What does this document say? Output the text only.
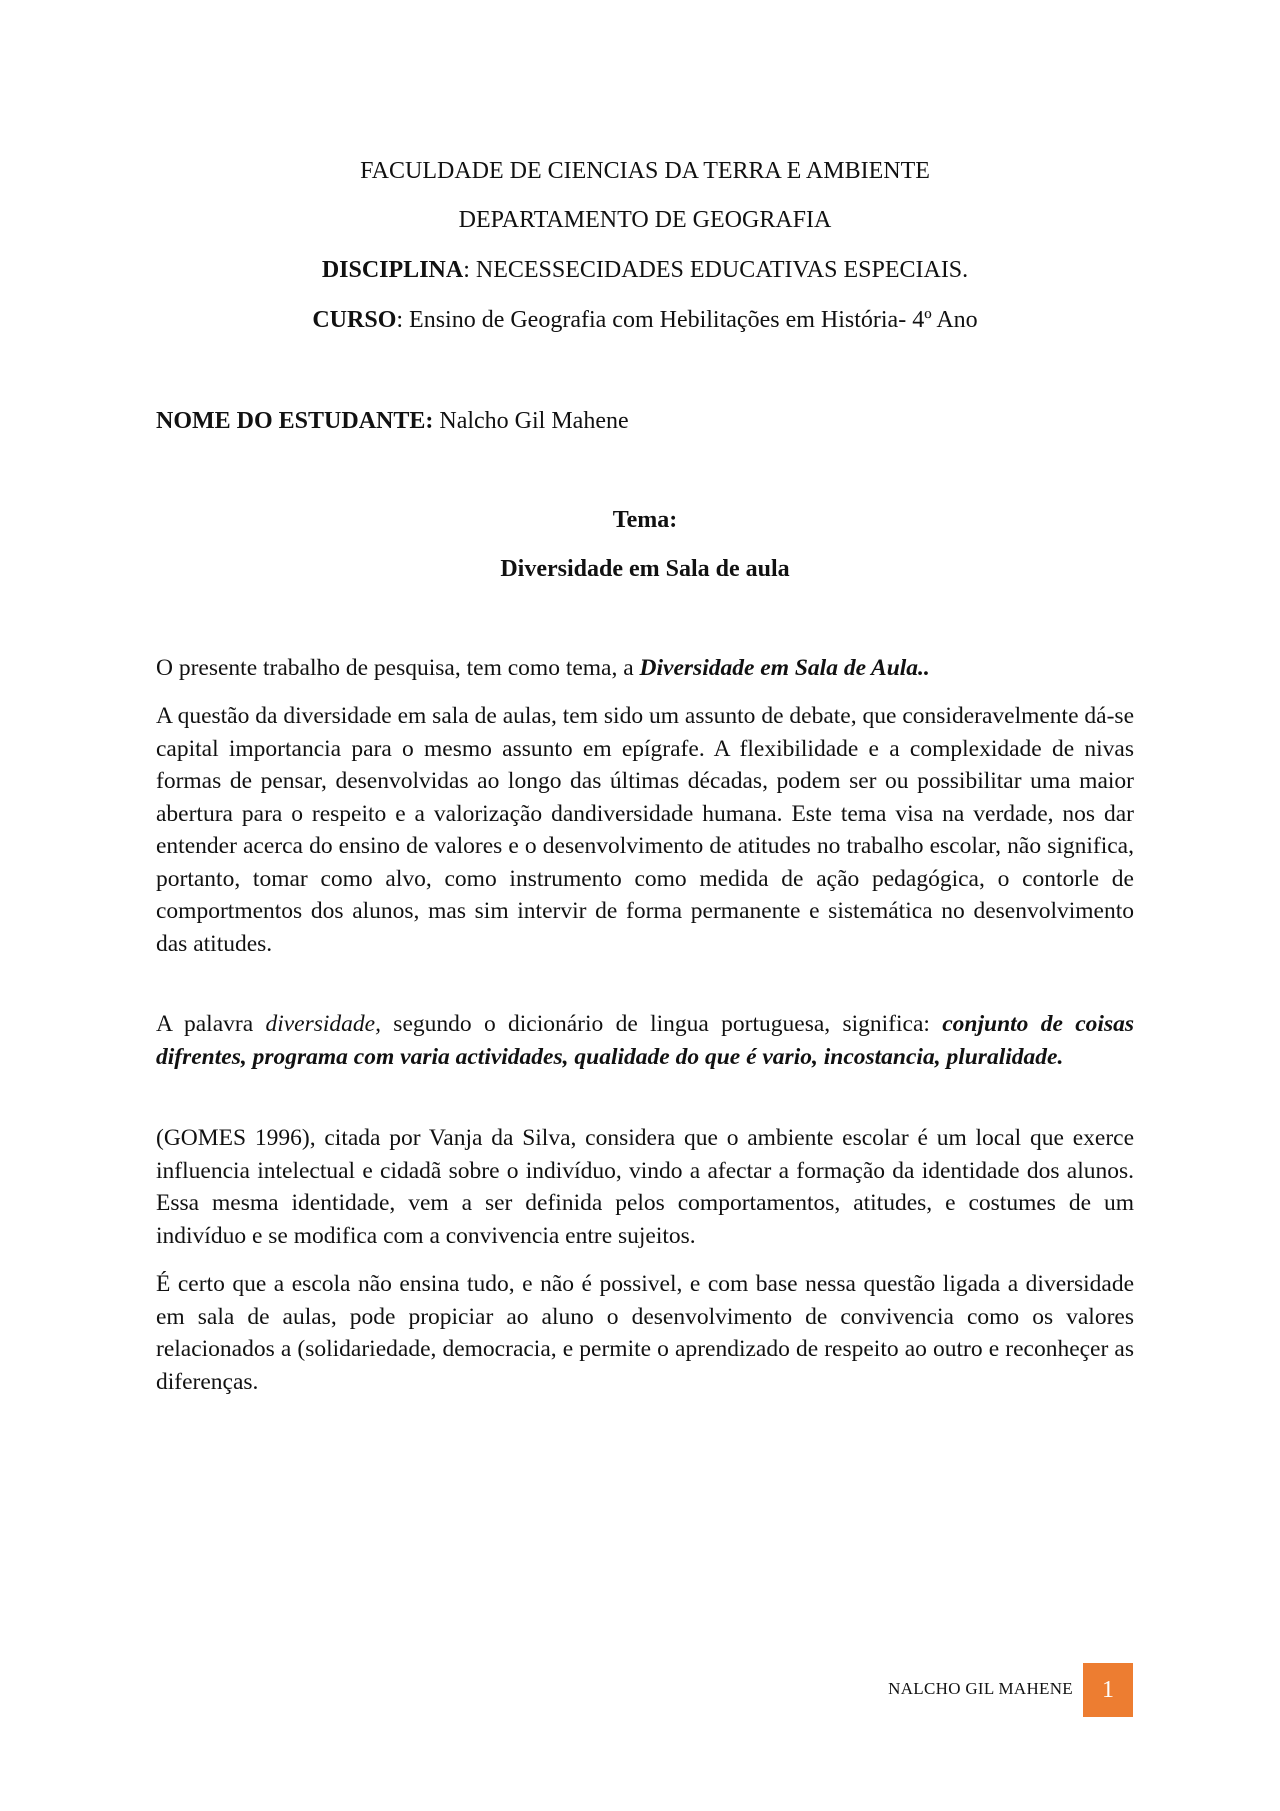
FACULDADE DE CIENCIAS DA TERRA E AMBIENTE
DEPARTAMENTO DE GEOGRAFIA
DISCIPLINA: NECESSECIDADES EDUCATIVAS ESPECIAIS.
CURSO: Ensino de Geografia com Hebilitações em História- 4º Ano
NOME DO ESTUDANTE: Nalcho Gil Mahene
Tema:
Diversidade em Sala de aula

O presente trabalho de pesquisa, tem como tema, a Diversidade em Sala de Aula..

A questão da diversidade em sala de aulas, tem sido um assunto de debate, que consideravelmente dá-se capital importancia para o mesmo assunto em epígrafe. A flexibilidade e a complexidade de nivas formas de pensar, desenvolvidas ao longo das últimas décadas, podem ser ou possibilitar uma maior abertura para o respeito e a valorização dandiversidade humana. Este tema visa na verdade, nos dar entender acerca do ensino de valores e o desenvolvimento de atitudes no trabalho escolar, não significa, portanto, tomar como alvo, como instrumento como medida de ação pedagógica, o contorle de comportmentos dos alunos, mas sim intervir de forma permanente e sistemática no desenvolvimento das atitudes.

A palavra diversidade, segundo o dicionário de lingua portuguesa, significa: conjunto de coisas difrentes, programa com varia actividades, qualidade do que é vario, incostancia, pluralidade.

(GOMES 1996), citada por Vanja da Silva, considera que o ambiente escolar é um local que exerce influencia intelectual e cidadã sobre o indivíduo, vindo a afectar a formação da identidade dos alunos. Essa mesma identidade, vem a ser definida pelos comportamentos, atitudes, e costumes de um indivíduo e se modifica com a convivencia entre sujeitos.

É certo que a escola não ensina tudo, e não é possivel, e com base nessa questão ligada a diversidade em sala de aulas, pode propiciar ao aluno o desenvolvimento de convivencia como os valores relacionados a (solidariedade, democracia, e permite o aprendizado de respeito ao outro e reconheçer as diferenças.

NALCHO GIL MAHENE	1
